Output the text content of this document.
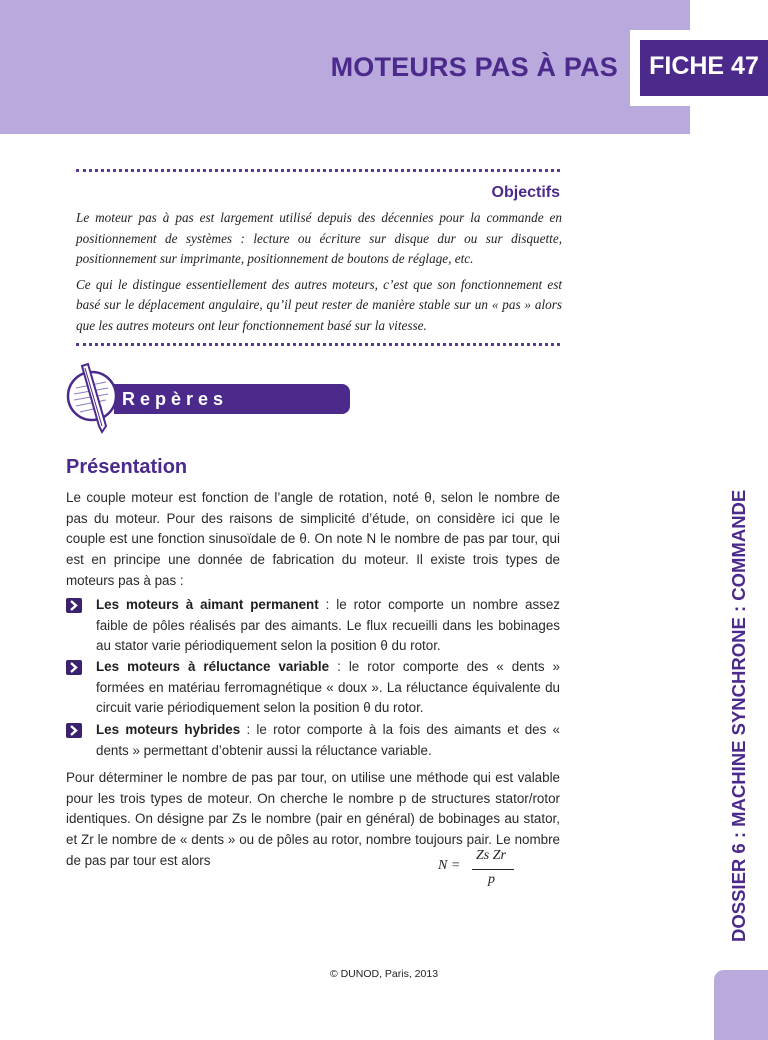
MOTEURS PAS À PAS	FICHE 47
Objectifs

Le moteur pas à pas est largement utilisé depuis des décennies pour la commande en positionnement de systèmes : lecture ou écriture sur disque dur ou sur disquette, positionnement sur imprimante, positionnement de boutons de réglage, etc.

Ce qui le distingue essentiellement des autres moteurs, c’est que son fonctionnement est basé sur le déplacement angulaire, qu’il peut rester de manière stable sur un « pas » alors que les autres moteurs ont leur fonctionnement basé sur la vitesse.

Repères
Présentation

Le couple moteur est fonction de l’angle de rotation, noté θ, selon le nombre de pas du moteur. Pour des raisons de simplicité d’étude, on considère ici que le couple est une fonction sinusoïdale de θ. On note N le nombre de pas par tour, qui est en principe une donnée de fabrication du moteur. Il existe trois types de moteurs pas à pas :

Les moteurs à aimant permanent : le rotor comporte un nombre assez faible de pôles réalisés par des aimants. Le flux recueilli dans les bobinages au stator varie périodiquement selon la position θ du rotor.
Les moteurs à réluctance variable : le rotor comporte des « dents » formées en matériau ferromagnétique « doux ». La réluctance équivalente du circuit varie périodiquement selon la position θ du rotor.
Les moteurs hybrides : le rotor comporte à la fois des aimants et des « dents » permettant d’obtenir aussi la réluctance variable.

Pour déterminer le nombre de pas par tour, on utilise une méthode qui est valable pour les trois types de moteur. On cherche le nombre p de structures stator/rotor identiques. On désigne par Zs le nombre (pair en général) de bobinages au stator, et Zr le nombre de « dents » ou de pôles au rotor, nombre toujours pair. Le nombre de pas par tour est alors	N =
Zs Zr
p	DOSSIER 6 : MACHINE SYNCHRONE : COMMANDE
© DUNOD, Paris, 2013
